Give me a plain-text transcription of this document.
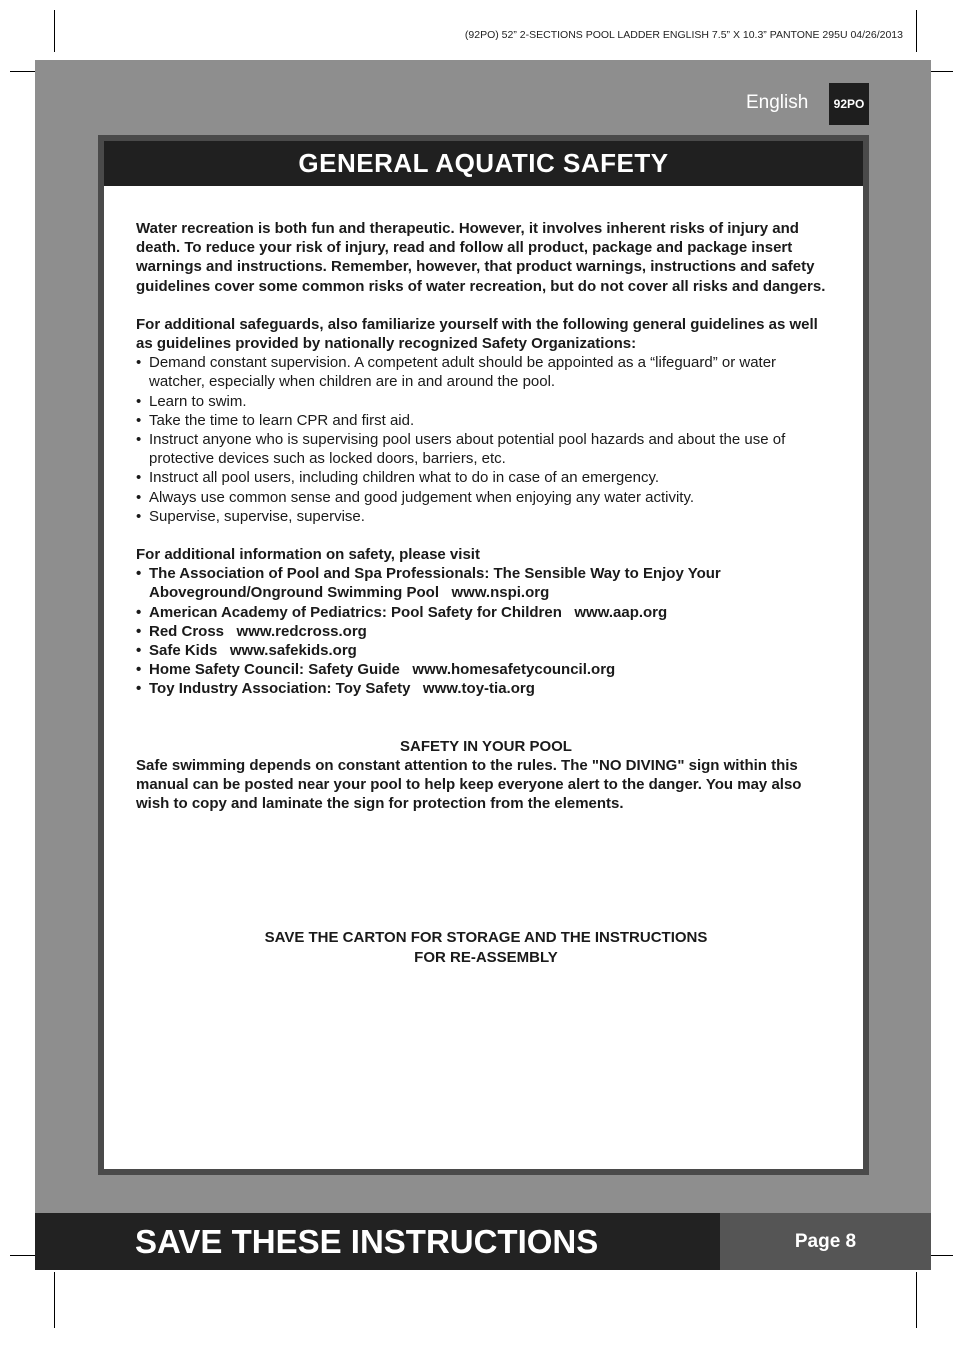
(92PO) 52” 2-SECTIONS POOL LADDER ENGLISH 7.5” X 10.3” PANTONE 295U 04/26/2013
English	92PO
GENERAL AQUATIC SAFETY

Water recreation is both fun and therapeutic. However, it involves inherent risks of injury and death. To reduce your risk of injury, read and follow all product, package and package insert warnings and instructions. Remember, however, that product warnings, instructions and safety guidelines cover some common risks of water recreation, but do not cover all risks and dangers.

For additional safeguards, also familiarize yourself with the following general guidelines as well as guidelines provided by nationally recognized Safety Organizations:

• Demand constant supervision. A competent adult should be appointed as a “lifeguard” or water watcher, especially when children are in and around the pool.
• Learn to swim.
• Take the time to learn CPR and first aid.
• Instruct anyone who is supervising pool users about potential pool hazards and about the use of protective devices such as locked doors, barriers, etc.
• Instruct all pool users, including children what to do in case of an emergency.
• Always use common sense and good judgement when enjoying any water activity.
• Supervise, supervise, supervise.

For additional information on safety, please visit

• The Association of Pool and Spa Professionals: The Sensible Way to Enjoy Your Aboveground/Onground Swimming Pool   www.nspi.org
• American Academy of Pediatrics: Pool Safety for Children   www.aap.org
• Red Cross   www.redcross.org
• Safe Kids   www.safekids.org
• Home Safety Council: Safety Guide   www.homesafetycouncil.org
• Toy Industry Association: Toy Safety   www.toy-tia.org

SAFETY IN YOUR POOL

Safe swimming depends on constant attention to the rules. The "NO DIVING" sign within this manual can be posted near your pool to help keep everyone alert to the danger. You may also wish to copy and laminate the sign for protection from the elements.

SAVE THE CARTON FOR STORAGE AND THE INSTRUCTIONS

FOR RE-ASSEMBLY

SAVE THESE INSTRUCTIONS	Page 8
